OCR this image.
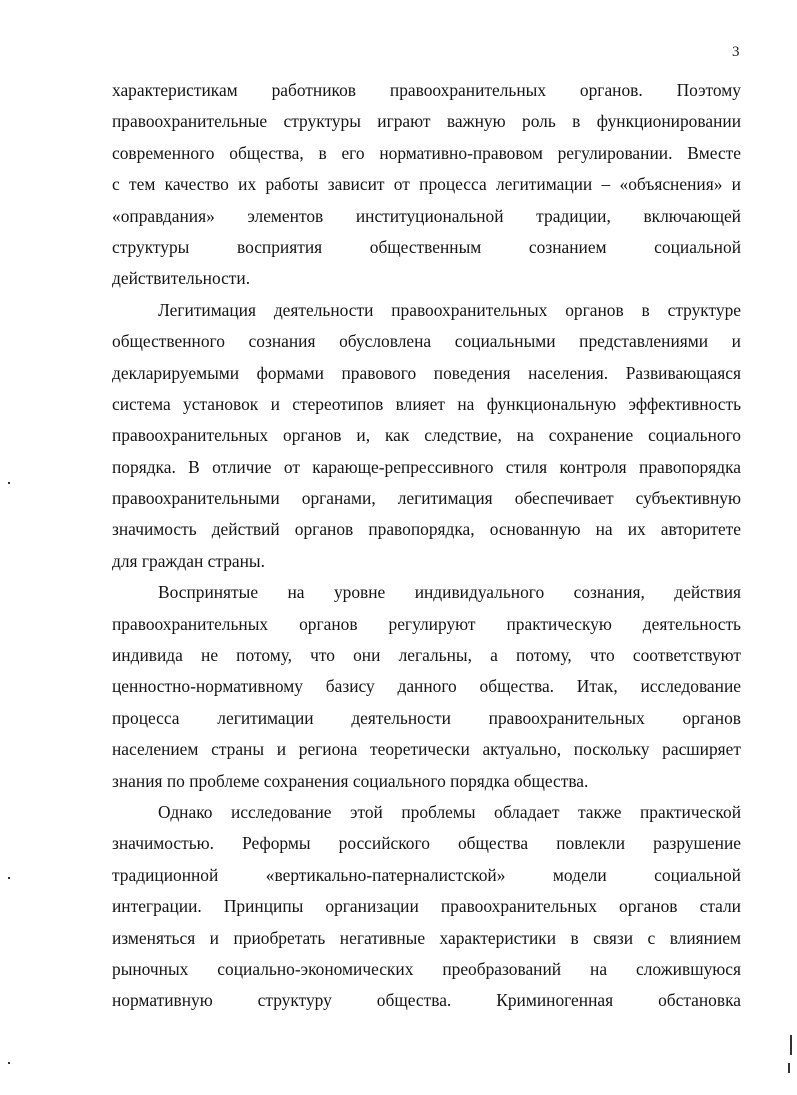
3
характеристикам работников правоохранительных органов. Поэтому
правоохранительные структуры играют важную роль в функционировании
современного общества, в его нормативно-правовом регулировании. Вместе
с тем качество их работы зависит от процесса легитимации – «объяснения» и
«оправдания» элементов институциональной традиции, включающей
структуры восприятия общественным сознанием социальной
действительности.
Легитимация деятельности правоохранительных органов в структуре
общественного сознания обусловлена социальными представлениями и
декларируемыми формами правового поведения населения. Развивающаяся
система установок и стереотипов влияет на функциональную эффективность
правоохранительных органов и, как следствие, на сохранение социального
порядка. В отличие от карающе-репрессивного стиля контроля правопорядка
правоохранительными органами, легитимация обеспечивает субъективную
значимость действий органов правопорядка, основанную на их авторитете
для граждан страны.
Воспринятые на уровне индивидуального сознания, действия
правоохранительных органов регулируют практическую деятельность
индивида не потому, что они легальны, а потому, что соответствуют
ценностно-нормативному базису данного общества. Итак, исследование
процесса легитимации деятельности правоохранительных органов
населением страны и региона теоретически актуально, поскольку расширяет
знания по проблеме сохранения социального порядка общества.
Однако исследование этой проблемы обладает также практической
значимостью. Реформы российского общества повлекли разрушение
традиционной «вертикально-патерналистской» модели социальной
интеграции. Принципы организации правоохранительных органов стали
изменяться и приобретать негативные характеристики в связи с влиянием
рыночных социально-экономических преобразований на сложившуюся
нормативную структуру общества. Криминогенная обстановка
